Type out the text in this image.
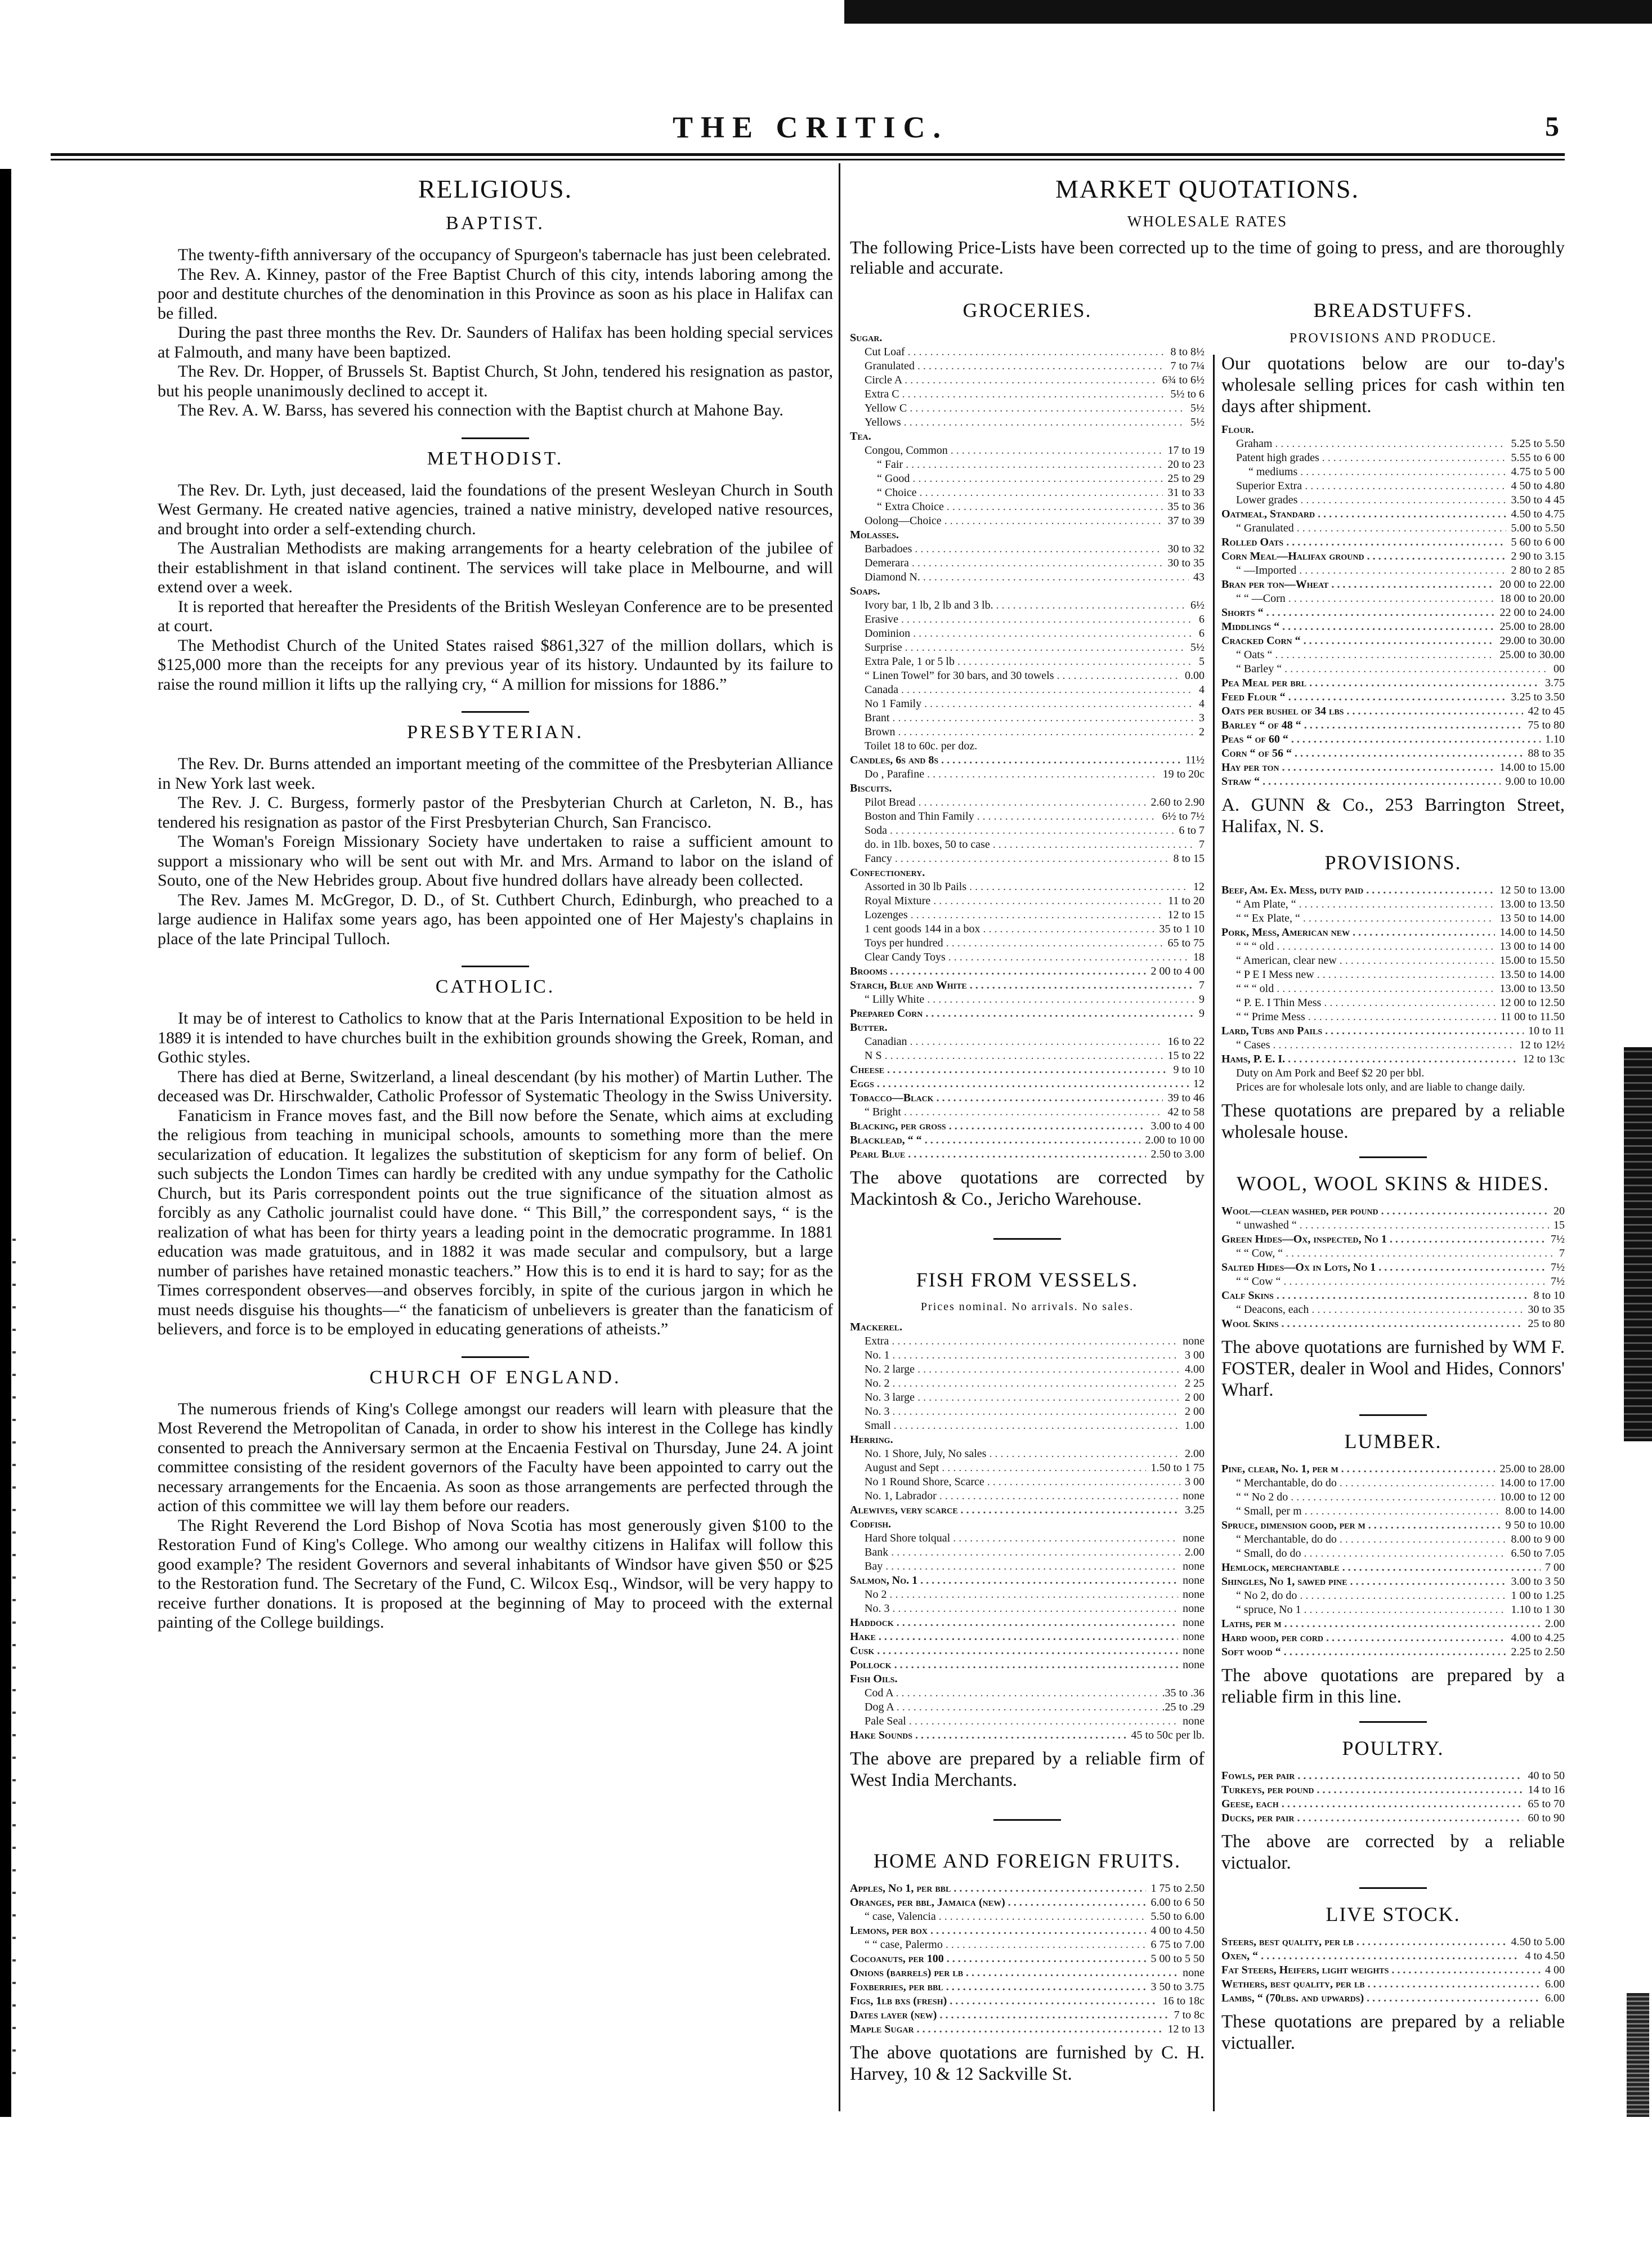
THE CRITIC.	5
RELIGIOUS.
BAPTIST.

The twenty-fifth anniversary of the occupancy of Spurgeon's tabernacle has just been celebrated.

The Rev. A. Kinney, pastor of the Free Baptist Church of this city, intends laboring among the poor and destitute churches of the denomination in this Province as soon as his place in Halifax can be filled.

During the past three months the Rev. Dr. Saunders of Halifax has been holding special services at Falmouth, and many have been baptized.

The Rev. Dr. Hopper, of Brussels St. Baptist Church, St John, tendered his resignation as pastor, but his people unanimously declined to accept it.

The Rev. A. W. Barss, has severed his connection with the Baptist church at Mahone Bay.

METHODIST.

The Rev. Dr. Lyth, just deceased, laid the foundations of the present Wesleyan Church in South West Germany. He created native agencies, trained a native ministry, developed native resources, and brought into order a self-extending church.

The Australian Methodists are making arrangements for a hearty celebration of the jubilee of their establishment in that island continent. The services will take place in Melbourne, and will extend over a week.

It is reported that hereafter the Presidents of the British Wesleyan Conference are to be presented at court.

The Methodist Church of the United States raised $861,327 of the million dollars, which is $125,000 more than the receipts for any previous year of its history. Undaunted by its failure to raise the round million it lifts up the rallying cry, “ A million for missions for 1886.”

PRESBYTERIAN.

The Rev. Dr. Burns attended an important meeting of the committee of the Presbyterian Alliance in New York last week.

The Rev. J. C. Burgess, formerly pastor of the Presbyterian Church at Carleton, N. B., has tendered his resignation as pastor of the First Presbyterian Church, San Francisco.

The Woman's Foreign Missionary Society have undertaken to raise a sufficient amount to support a missionary who will be sent out with Mr. and Mrs. Armand to labor on the island of Souto, one of the New Hebrides group. About five hundred dollars have already been collected.

The Rev. James M. McGregor, D. D., of St. Cuthbert Church, Edinburgh, who preached to a large audience in Halifax some years ago, has been appointed one of Her Majesty's chaplains in place of the late Principal Tulloch.

CATHOLIC.

It may be of interest to Catholics to know that at the Paris International Exposition to be held in 1889 it is intended to have churches built in the exhibition grounds showing the Greek, Roman, and Gothic styles.

There has died at Berne, Switzerland, a lineal descendant (by his mother) of Martin Luther. The deceased was Dr. Hirschwalder, Catholic Professor of Systematic Theology in the Swiss University.

Fanaticism in France moves fast, and the Bill now before the Senate, which aims at excluding the religious from teaching in municipal schools, amounts to something more than the mere secularization of education. It legalizes the substitution of skepticism for any form of belief. On such subjects the London Times can hardly be credited with any undue sympathy for the Catholic Church, but its Paris correspondent points out the true significance of the situation almost as forcibly as any Catholic journalist could have done. “ This Bill,” the correspondent says, “ is the realization of what has been for thirty years a leading point in the democratic programme. In 1881 education was made gratuitous, and in 1882 it was made secular and compulsory, but a large number of parishes have retained monastic teachers.” How this is to end it is hard to say; for as the Times correspondent observes—and observes forcibly, in spite of the curious jargon in which he must needs disguise his thoughts—“ the fanaticism of unbelievers is greater than the fanaticism of believers, and force is to be employed in educating generations of atheists.”

CHURCH OF ENGLAND.

The numerous friends of King's College amongst our readers will learn with pleasure that the Most Reverend the Metropolitan of Canada, in order to show his interest in the College has kindly consented to preach the Anniversary sermon at the Encaenia Festival on Thursday, June 24. A joint committee consisting of the resident governors of the Faculty have been appointed to carry out the necessary arrangements for the Encaenia. As soon as those arrangements are perfected through the action of this committee we will lay them before our readers.

The Right Reverend the Lord Bishop of Nova Scotia has most generously given $100 to the Restoration Fund of King's College. Who among our wealthy citizens in Halifax will follow this good example? The resident Governors and several inhabitants of Windsor have given $50 or $25 to the Restoration fund. The Secretary of the Fund, C. Wilcox Esq., Windsor, will be very happy to receive further donations. It is proposed at the beginning of May to proceed with the external painting of the College buildings.

MARKET QUOTATIONS.
WHOLESALE RATES

The following Price-Lists have been corrected up to the time of going to press, and are thoroughly reliable and accurate.

GROCERIES.
Sugar.
Cut Loaf . . .	8 to 8½
Granulated . . .	7 to 7¼
Circle A . . .	6¾ to 6½
Extra C . . .	5½ to 6
Yellow C . . .	5½
Yellows . . .	5½
Tea.
Congou, Common . . .	17 to 19
“ Fair . . .	20 to 23
“ Good . . .	25 to 29
“ Choice . . .	31 to 33
“ Extra Choice . . .	35 to 36
Oolong—Choice . . .	37 to 39
Molasses.
Barbadoes . . .	30 to 32
Demerara . . .	30 to 35
Diamond N. . . .	43
Soaps.
Ivory bar, 1 lb, 2 lb and 3 lb. . . .	6½
Erasive . . .	6
Dominion . . .	6
Surprise . . .	5½
Extra Pale, 1 or 5 lb . . .	5
“ Linen Towel” for 30 bars, and 30 towels . . .	0.00
Canada . . .	4
No 1 Family . . .	4
Brant . . .	3
Brown . . .	2
Toilet 18 to 60c. per doz.
Candles, 6s and 8s . . .	11½
Do , Parafine . . .	19 to 20c
Biscuits.
Pilot Bread . . .	2.60 to 2.90
Boston and Thin Family . . .	6½ to 7½
Soda . . .	6 to 7
do. in 1lb. boxes, 50 to case . . .	7
Fancy . . .	8 to 15
Confectionery.
Assorted in 30 lb Pails . . .	12
Royal Mixture . . .	11 to 20
Lozenges . . .	12 to 15
1 cent goods 144 in a box . . .	35 to 1 10
Toys per hundred . . .	65 to 75
Clear Candy Toys . . .	18
Brooms . . .	2 00 to 4 00
Starch, Blue and White . . .	7
“ Lilly White . . .	9
Prepared Corn . . .	9
Butter.
Canadian . . .	16 to 22
N S . . .	15 to 22
Cheese . . .	9 to 10
Eggs . . .	12
Tobacco—Black . . .	39 to 46
“ Bright . . .	42 to 58
Blacking, per gross . . .	3.00 to 4 00
Blacklead, “ “ . . .	2.00 to 10 00
Pearl Blue . . .	2.50 to 3.00

The above quotations are corrected by Mackintosh & Co., Jericho Warehouse.

FISH FROM VESSELS.
Prices nominal. No arrivals. No sales.
Mackerel.
Extra . . .	none
No. 1 . . .	3 00
No. 2 large . . .	4.00
No. 2 . . .	2 25
No. 3 large . . .	2 00
No. 3 . . .	2 00
Small . . .	1.00
Herring.
No. 1 Shore, July, No sales . . .	2.00
August and Sept . . .	1.50 to 1 75
No 1 Round Shore, Scarce . . .	3 00
No. 1, Labrador . . .	none
Alewives, very scarce . . .	3.25
Codfish.
Hard Shore tolqual . . .	none
Bank . . .	2.00
Bay . . .	none
Salmon, No. 1 . . .	none
No 2 . . .	none
No. 3 . . .	none
Haddock . . .	none
Hake . . .	none
Cusk . . .	none
Pollock . . .	none
Fish Oils.
Cod A . . .	.35 to .36
Dog A . . .	.25 to .29
Pale Seal . . .	none
Hake Sounds . . .	45 to 50c per lb.

The above are prepared by a reliable firm of West India Merchants.

HOME AND FOREIGN FRUITS.
Apples, No 1, per bbl . . .	1 75 to 2.50
Oranges, per bbl, Jamaica (new) . . .	6.00 to 6 50
“ case, Valencia . . .	5.50 to 6.00
Lemons, per box . . .	4 00 to 4.50
“ “ case, Palermo . . .	6 75 to 7.00
Cocoanuts, per 100 . . .	5 00 to 5 50
Onions (barrels) per lb . . .	none
Foxberries, per bbl . . .	3 50 to 3.75
Figs, 1lb bxs (fresh) . . .	16 to 18c
Dates layer (new) . . .	7 to 8c
Maple Sugar . . .	12 to 13

The above quotations are furnished by C. H. Harvey, 10 & 12 Sackville St.

BREADSTUFFS.
PROVISIONS AND PRODUCE.

Our quotations below are our to-day's wholesale selling prices for cash within ten days after shipment.

Flour.
Graham . . .	5.25 to 5.50
Patent high grades . . .	5.55 to 6 00
“ mediums . . .	4.75 to 5 00
Superior Extra . . .	4 50 to 4.80
Lower grades . . .	3.50 to 4 45
Oatmeal, Standard . . .	4.50 to 4.75
“ Granulated . . .	5.00 to 5.50
Rolled Oats . . .	5 60 to 6 00
Corn Meal—Halifax ground . . .	2 90 to 3.15
“ —Imported . . .	2 80 to 2 85
Bran per ton—Wheat . . .	20 00 to 22.00
“ “ —Corn . . .	18 00 to 20.00
Shorts “ . . .	22 00 to 24.00
Middlings “ . . .	25.00 to 28.00
Cracked Corn “ . . .	29.00 to 30.00
“ Oats “ . . .	25.00 to 30.00
“ Barley “ . . .	00
Pea Meal per brl . . .	3.75
Feed Flour “ . . .	3.25 to 3.50
Oats per bushel of 34 lbs . . .	42 to 45
Barley “ of 48 “ . . .	75 to 80
Peas “ of 60 “ . . .	1.10
Corn “ of 56 “ . . .	88 to 35
Hay per ton . . .	14.00 to 15.00
Straw “ . . .	9.00 to 10.00

A. GUNN & Co., 253 Barrington Street, Halifax, N. S.

PROVISIONS.
Beef, Am. Ex. Mess, duty paid . . .	12 50 to 13.00
“ Am Plate, “ . . .	13.00 to 13.50
“ “ Ex Plate, “ . . .	13 50 to 14.00
Pork, Mess, American new . . .	14.00 to 14.50
“ “ “ old . . .	13 00 to 14 00
“ American, clear new . . .	15.00 to 15.50
“ P E I Mess new . . .	13.50 to 14.00
“ “ “ old . . .	13.00 to 13.50
“ P. E. I Thin Mess . . .	12 00 to 12.50
“ “ Prime Mess . . .	11 00 to 11.50
Lard, Tubs and Pails . . .	10 to 11
“ Cases . . .	12 to 12½
Hams, P. E. I. . . .	12 to 13c
Duty on Am Pork and Beef $2 20 per bbl.
Prices are for wholesale lots only, and are liable to change daily.

These quotations are prepared by a reliable wholesale house.

WOOL, WOOL SKINS & HIDES.
Wool—clean washed, per pound . . .	20
“ unwashed “ . . .	15
Green Hides—Ox, inspected, No 1 . . .	7½
“ “ Cow, “ . . .	7
Salted Hides—Ox in Lots, No 1 . . .	7½
“ “ Cow “ . . .	7½
Calf Skins . . .	8 to 10
“ Deacons, each . . .	30 to 35
Wool Skins . . .	25 to 80

The above quotations are furnished by WM F. FOSTER, dealer in Wool and Hides, Connors' Wharf.

LUMBER.
Pine, clear, No. 1, per m . . .	25.00 to 28.00
“ Merchantable, do do . . .	14.00 to 17.00
“ “ No 2 do . . .	10.00 to 12 00
“ Small, per m . . .	8.00 to 14.00
Spruce, dimension good, per m . . .	9 50 to 10.00
“ Merchantable, do do . . .	8.00 to 9 00
“ Small, do do . . .	6.50 to 7.05
Hemlock, merchantable . . .	7 00
Shingles, No 1, sawed pine . . .	3.00 to 3 50
“ No 2, do do . . .	1 00 to 1.25
“ spruce, No 1 . . .	1.10 to 1 30
Laths, per m . . .	2.00
Hard wood, per cord . . .	4.00 to 4.25
Soft wood “ . . .	2.25 to 2.50

The above quotations are prepared by a reliable firm in this line.

POULTRY.
Fowls, per pair . . .	40 to 50
Turkeys, per pound . . .	14 to 16
Geese, each . . .	65 to 70
Ducks, per pair . . .	60 to 90

The above are corrected by a reliable victualor.

LIVE STOCK.
Steers, best quality, per lb . . .	4.50 to 5.00
Oxen, “ . . .	4 to 4.50
Fat Steers, Heifers, light weights . . .	4 00
Wethers, best quality, per lb . . .	6.00
Lambs, “ (70lbs. and upwards) . . .	6.00

These quotations are prepared by a reliable victualler.
